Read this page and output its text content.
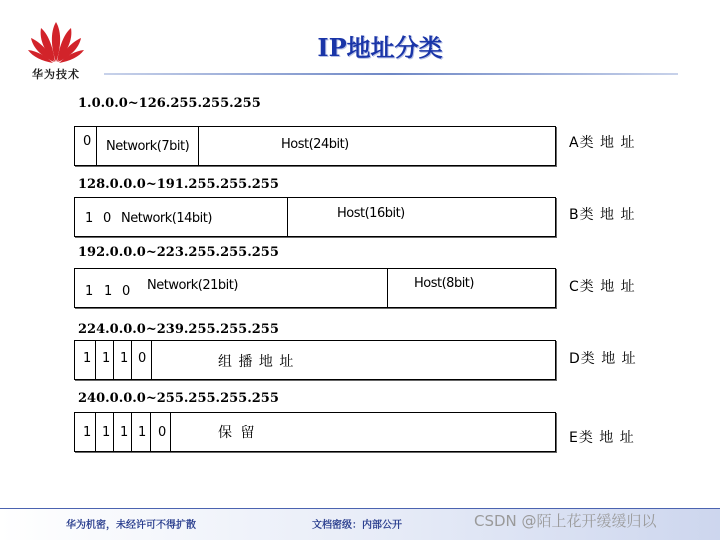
华为技术
IP地址分类
1.0.0.0~126.255.255.255
0 Network(7bit)	Host(24bit)	A类 地 址
128.0.0.0~191.255.255.255
1 0 Network(14bit)	Host(16bit)	B类 地 址
192.0.0.0~223.255.255.255
1 1 0 Network(21bit)	Host(8bit)	C类 地 址
224.0.0.0~239.255.255.255
1 1 1 0	组 播 地 址	D类 地 址
240.0.0.0~255.255.255.255
1 1 1 1 0	保 留	E类 地 址
华为机密，未经许可不得扩散	文档密级：内部公开	CSDN @陌上花开缓缓归以
